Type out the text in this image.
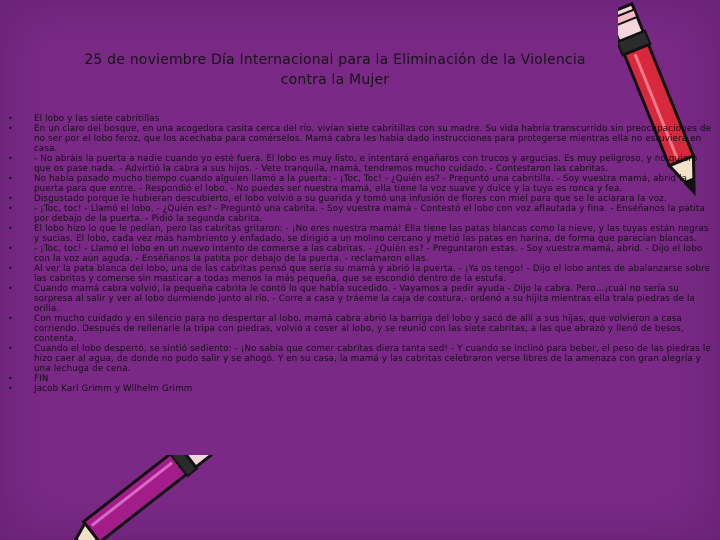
25 de noviembre Día Internacional para la Eliminación de la Violencia
contra la Mujer
•	El lobo y las siete cabritillas
•	En un claro del bosque, en una acogedora casita cerca del río, vivían siete cabritillas con su madre. Su vida habría transcurrido sin preocupaciones de no ser por el lobo feroz, que los acechaba para comérselos. Mamá cabra les había dado instrucciones para protegerse mientras ella no estuviera en casa.
•	- No abráis la puerta a nadie cuando yo esté fuera. El lobo es muy listo, e intentará engañaros con trucos y argucias. Es muy peligroso, y no quiero que os pase nada. - Advirtió la cabra a sus hijos. - Vete tranquila, mamá, tendremos mucho cuidado. - Contestaron las cabritas.
•	No había pasado mucho tiempo cuando alguien llamó a la puerta: - ¡Toc, Toc! - ¿Quién es? - Preguntó una cabritilla. - Soy vuestra mamá, abrid la puerta para que entre. - Respondió el lobo. - No puedes ser nuestra mamá, ella tiene la voz suave y dulce y la tuya es ronca y fea.
•	Disgustado porque le hubieran descubierto, el lobo volvió a su guarida y tomó una infusión de flores con miel para que se le aclarara la voz.
•	- ¡Toc, toc! - Llamó el lobo. - ¿Quién es? - Preguntó una cabrita. - Soy vuestra mamá - Contestó el lobo con voz aflautada y fina. - Enséñanos la patita por debajo de la puerta. - Pidió la segunda cabrita.
•	El lobo hizo lo que le pedían, pero las cabritas gritaron: - ¡No eres nuestra mamá! Ella tiene las patas blancas como la nieve, y las tuyas están negras y sucias. El lobo, cada vez más hambriento y enfadado, se dirigió a un molino cercano y metió las patas en harina, de forma que parecían blancas.
•	- ¡Toc, toc! - Llamó el lobo en un nuevo intento de comerse a las cabritas. - ¿Quién es? - Preguntaron estas. - Soy vuestra mamá, abrid. - Dijo el lobo con la voz aún aguda. - Enséñanos la patita por debajo de la puerta. - reclamaron ellas.
•	Al ver la pata blanca del lobo, una de las cabritas pensó que sería su mamá y abrió la puerta. - ¡Ya os tengo! - Dijo el lobo antes de abalanzarse sobre las cabritas y comerse sin masticar a todas menos la más pequeña, que se escondió dentro de la estufa.
•	Cuando mamá cabra volvió, la pequeña cabrita le contó lo que había sucedido. - Vayamos a pedir ayuda - Dijo la cabra. Pero…¡cuál no sería su sorpresa al salir y ver al lobo durmiendo junto al río. - Corre a casa y tráeme la caja de costura.- ordenó a su hijita mientras ella traía piedras de la orilla.
•	Con mucho cuidado y en silencio para no despertar al lobo, mamá cabra abrió la barriga del lobo y sacó de allí a sus hijas, que volvieron a casa corriendo. Después de rellenarle la tripa con piedras, volvió a coser al lobo, y se reunió con las siete cabritas, a las que abrazó y llenó de besos, contenta.
•	Cuando el lobo despertó, se sintió sediento: - ¡No sabía que comer cabritas diera tanta sed! - Y cuando se inclinó para beber, el peso de las piedras le hizo caer al agua, de donde no pudo salir y se ahogó. Y en su casa, la mamá y las cabritas celebraron verse libres de la amenaza con gran alegría y una lechuga de cena.
•	FIN
•	Jacob Karl Grimm y Wilhelm Grimm
